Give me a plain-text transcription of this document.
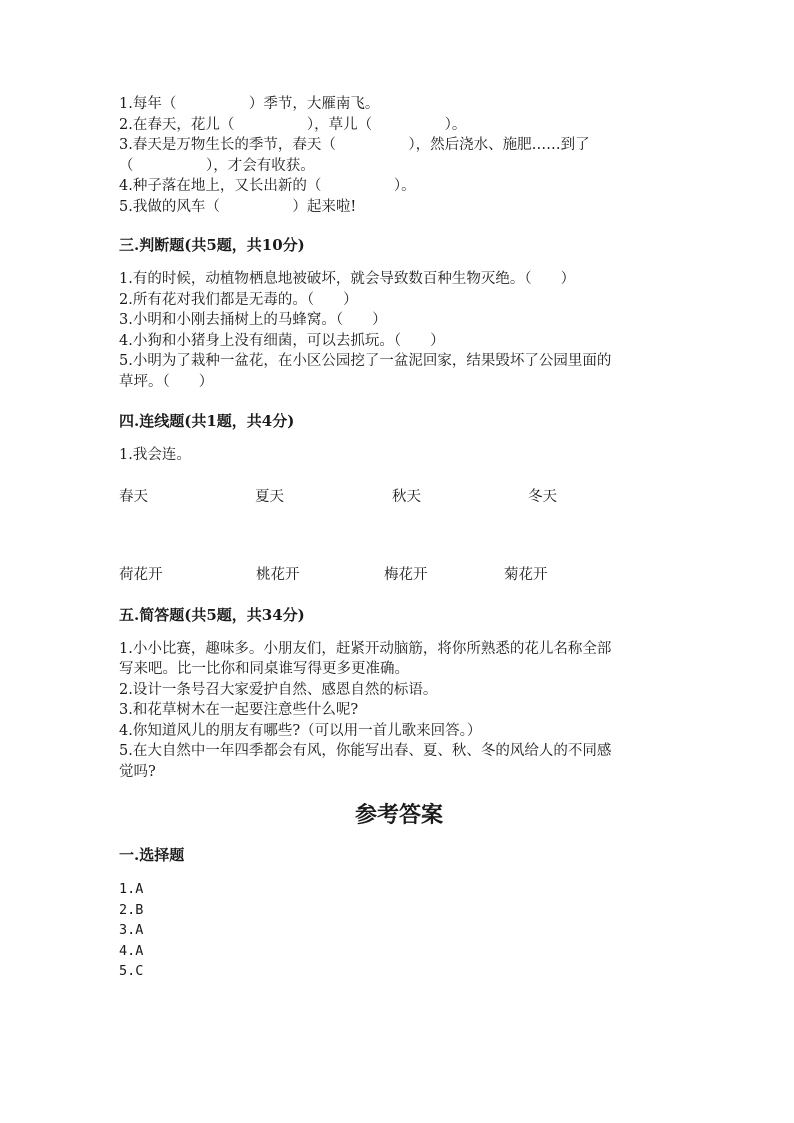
1.每年（　　　　　）季节，大雁南飞。
2.在春天，花儿（　　　　　），草儿（　　　　　）。
3.春天是万物生长的季节，春天（　　　　　），然后浇水、施肥……到了
（　　　　　），才会有收获。
4.种子落在地上，又长出新的（　　　　　）。
5.我做的风车（　　　　　）起来啦!
三.判断题(共5题，共10分)
1.有的时候，动植物栖息地被破坏，就会导致数百种生物灭绝。（　　）
2.所有花对我们都是无毒的。（　　）
3.小明和小刚去捅树上的马蜂窝。（　　）
4.小狗和小猪身上没有细菌，可以去抓玩。（　　）
5.小明为了栽种一盆花，在小区公园挖了一盆泥回家，结果毁坏了公园里面的
草坪。（　　）
四.连线题(共1题，共4分)
1.我会连。
春天	夏天	秋天	冬天
荷花开	桃花开	梅花开	菊花开
五.简答题(共5题，共34分)
1.小小比赛，趣味多。小朋友们，赶紧开动脑筋，将你所熟悉的花儿名称全部
写来吧。比一比你和同桌谁写得更多更准确。
2.设计一条号召大家爱护自然、感恩自然的标语。
3.和花草树木在一起要注意些什么呢?
4.你知道风儿的朋友有哪些?（可以用一首儿歌来回答。）
5.在大自然中一年四季都会有风，你能写出春、夏、秋、冬的风给人的不同感
觉吗?
参考答案
一.选择题
1.A
2.B
3.A
4.A
5.C
